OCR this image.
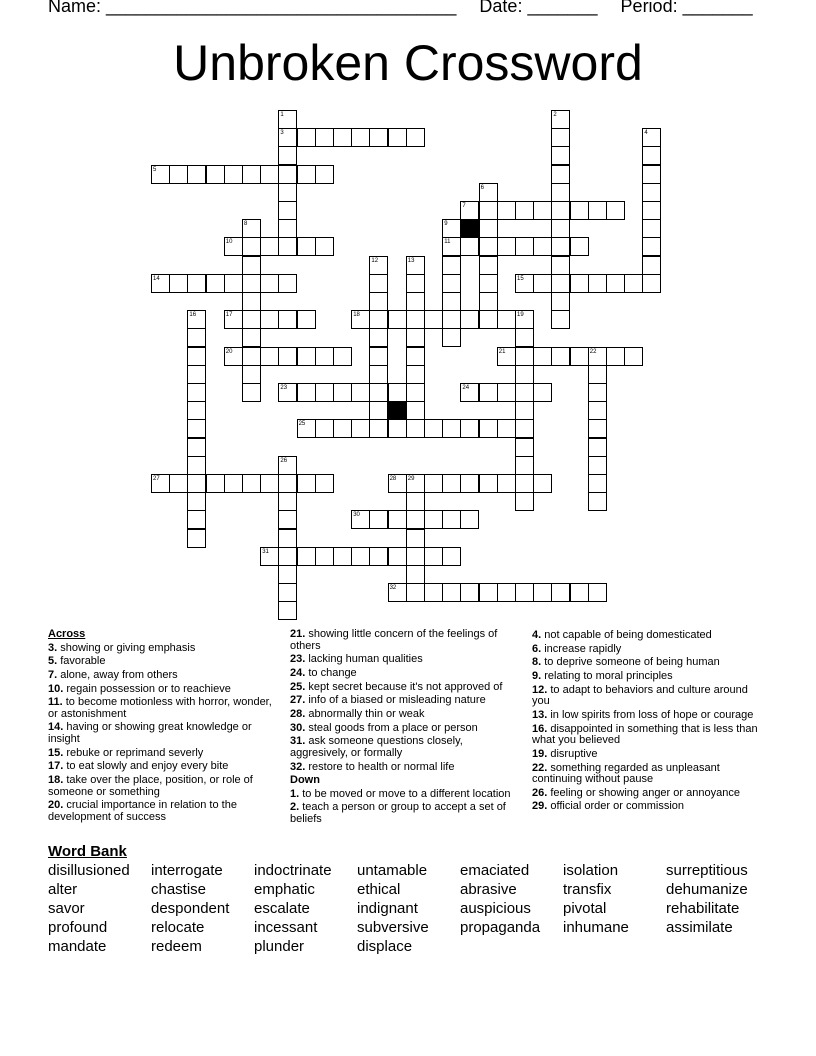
Name: ___________________________________ Date: _______ Period: _______
Unbroken Crossword
3
5
7
10	11
14	15
17	18
20	21
23	24
25
27	28
30
31
32
1	2
4
6
8	9
12	13
16	19
22
26
29
Across
3. showing or giving emphasis
5. favorable
7. alone, away from others
10. regain possession or to reachieve
11. to become motionless with horror, wonder, or astonishment
14. having or showing great knowledge or insight
15. rebuke or reprimand severly
17. to eat slowly and enjoy every bite
18. take over the place, position, or role of someone or something
20. crucial importance in relation to the development of success
21. showing little concern of the feelings of others
23. lacking human qualities
24. to change
25. kept secret because it's not approved of
27. info of a biased or misleading nature
28. abnormally thin or weak
30. steal goods from a place or person
31. ask someone questions closely, aggresively, or formally
32. restore to health or normal life
Down
1. to be moved or move to a different location
2. teach a person or group to accept a set of beliefs
4. not capable of being domesticated
6. increase rapidly
8. to deprive someone of being human
9. relating to moral principles
12. to adapt to behaviors and culture around you
13. in low spirits from loss of hope or courage
16. disappointed in something that is less than what you believed
19. disruptive
22. something regarded as unpleasant continuing without pause
26. feeling or showing anger or annoyance
29. official order or commission
Word Bank
disillusioned interrogate indoctrinate untamable emaciated isolation	surreptitious
alter	chastise	emphatic	ethical	abrasive	transfix	dehumanize
savor	despondent escalate	indignant	auspicious pivotal	rehabilitate
profound	relocate	incessant	subversive propaganda inhumane assimilate
mandate	redeem	plunder	displace
